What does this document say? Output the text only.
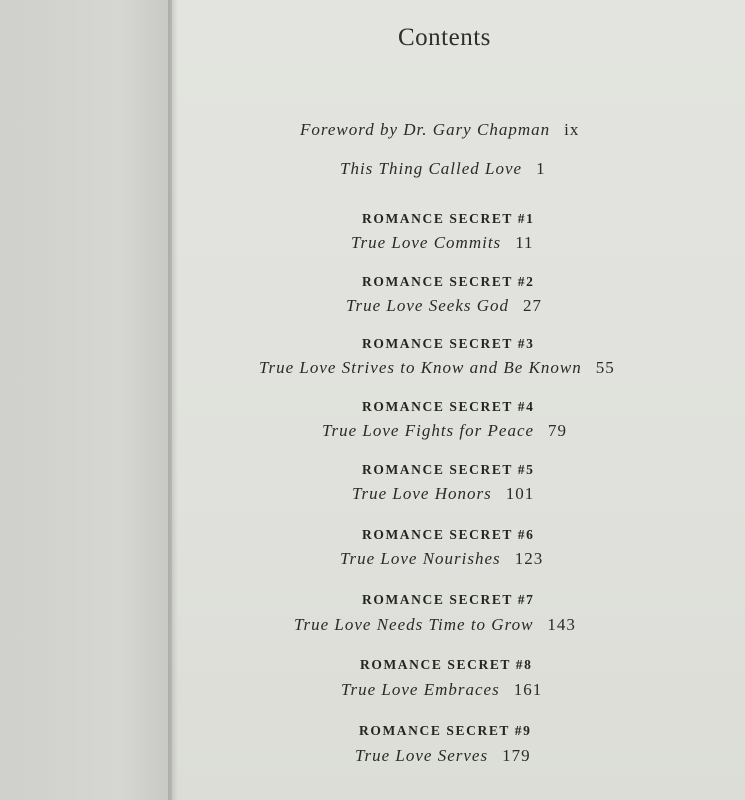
Contents
Foreword by Dr. Gary Chapman ix
This Thing Called Love 1
ROMANCE SECRET #1
True Love Commits 11
ROMANCE SECRET #2
True Love Seeks God 27
ROMANCE SECRET #3
True Love Strives to Know and Be Known 55
ROMANCE SECRET #4
True Love Fights for Peace 79
ROMANCE SECRET #5
True Love Honors 101
ROMANCE SECRET #6
True Love Nourishes 123
ROMANCE SECRET #7
True Love Needs Time to Grow 143
ROMANCE SECRET #8
True Love Embraces 161
ROMANCE SECRET #9
True Love Serves 179
